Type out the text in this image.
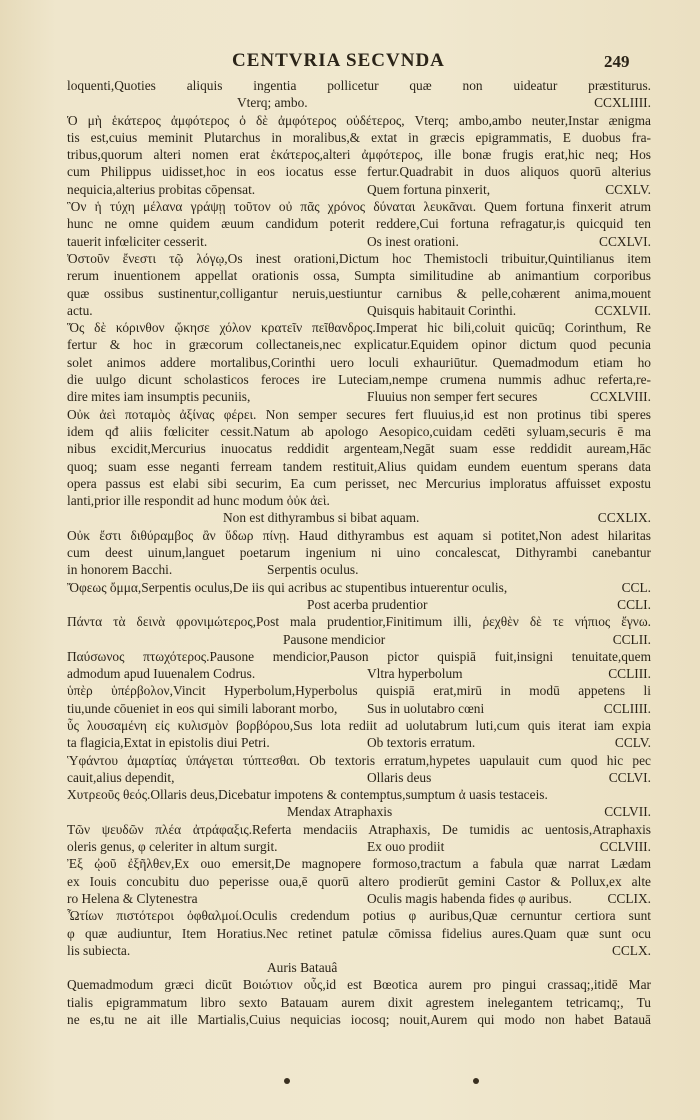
CENTVRIA SECVNDA	249
loquenti,Quoties aliquis ingentia pollicetur quæ non uideatur præstiturus.
Vterq; ambo.	CCXLIIII.
Ὁ μὴ ἑκάτερος ἀμφότερος ὁ δὲ ἀμφότερος οὐδέτερος, Vterq; ambo,ambo neuter,Instar ænigma
tis est,cuius meminit Plutarchus in moralibus,& extat in græcis epigrammatis, E duobus fra-
tribus,quorum alteri nomen erat ἑκάτερος,alteri ἀμφότερος, ille bonæ frugis erat,hic neq; Hos
cum Philippus uidisset,hoc in eos iocatus esse fertur.Quadrabit in duos aliquos quorū alterius
nequicia,alterius probitas cōpensat.	Quem fortuna pinxerit,	CCXLV.
Ὃν ἡ τύχη μέλανα γράψῃ τοῦτον οὐ πᾶς χρόνος δύναται λευκᾶναι. Quem fortuna finxerit atrum
hunc ne omne quidem æuum candidum poterit reddere,Cui fortuna refragatur,is quicquid ten
tauerit infœliciter cesserit.	Os inest orationi.	CCXLVI.
Ὀστοῦν ἔνεστι τῷ λόγῳ,Os inest orationi,Dictum hoc Themistocli tribuitur,Quintilianus item
rerum inuentionem appellat orationis ossa, Sumpta similitudine ab animantium corporibus
quæ ossibus sustinentur,colligantur neruis,uestiuntur carnibus & pelle,cohærent anima,mouent
actu.	Quisquis habitauit Corinthi.	CCXLVII.
Ὅς δὲ κόρινθον ᾤκησε χόλον κρατεῖν πεῖθανδρος.Imperat hic bili,coluit quicūq; Corinthum, Re
fertur & hoc in græcorum collectaneis,nec explicatur.Equidem opinor dictum quod pecunia
solet animos addere mortalibus,Corinthi uero loculi exhauriūtur. Quemadmodum etiam ho
die uulgo dicunt scholasticos feroces ire Luteciam,nempe crumena nummis adhuc referta,re-
dire mites iam insumptis pecuniis,	Fluuius non semper fert secures	CCXLVIII.
Οὐκ ἀεὶ ποταμὸς ἀξίνας φέρει. Non semper secures fert fluuius,id est non protinus tibi speres
idem qđ aliis fœliciter cessit.Natum ab apologo Aesopico,cuidam cedēti syluam,securis ē ma
nibus excidit,Mercurius inuocatus reddidit argenteam,Negāt suam esse reddidit auream,Hāc
quoq; suam esse neganti ferream tandem restituit,Alius quidam eundem euentum sperans data
opera passus est elabi sibi securim, Ea cum perisset, nec Mercurius imploratus affuisset expostu
lanti,prior ille respondit ad hunc modum ὁὐκ ἀεὶ.
Non est dithyrambus si bibat aquam.	CCXLIX.
Οὐκ ἔστι διθύραμβος ἂν ὕδωρ πίνῃ. Haud dithyrambus est aquam si potitet,Non adest hilaritas
cum deest uinum,languet poetarum ingenium ni uino concalescat, Dithyrambi canebantur
in honorem Bacchi.	Serpentis oculus.
Ὄφεως ὄμμα,Serpentis oculus,De iis qui acribus ac stupentibus intuerentur oculis,	CCL.
Post acerba prudentior	CCLI.
Πάντα τὰ δεινὰ φρονιμώτερος,Post mala prudentior,Finitimum illi, ῥεχθὲν δὲ τε νήπιος ἔγνω.
Pausone mendicior	CCLII.
Παύσωνος πτωχότερος.Pausone mendicior,Pauson pictor quispiā fuit,insigni tenuitate,quem
admodum apud Iuuenalem Codrus.	Vltra hyperbolum	CCLIII.
ὑπὲρ ὑπέρβολον,Vincit Hyperbolum,Hyperbolus quispiā erat,mirū in modū appetens li
tiu,unde cōueniet in eos qui simili laborant morbo, Sus in uolutabro cœni	CCLIIII.
ὗς λουσαμένη εἰς κυλισμὸν βορβόρου,Sus lota rediit ad uolutabrum luti,cum quis iterat iam expia
ta flagicia,Extat in epistolis diui Petri.	Ob textoris erratum.	CCLV.
Ὑφάντου ἁμαρτίας ὑπάγεται τύπτεσθαι. Ob textoris erratum,hypetes uapulauit cum quod hic pec
cauit,alius dependit,	Ollaris deus	CCLVI.
Χυτρεοῦς θεός.Ollaris deus,Dicebatur impotens & contemptus,sumptum ἀ uasis testaceis.
Mendax Atraphaxis	CCLVII.
Τῶν ψευδῶν πλέα ἀτράφαξις.Referta mendaciis Atraphaxis, De tumidis ac uentosis,Atraphaxis
oleris genus, φ celeriter in altum surgit.	Ex ouo prodiit	CCLVIII.
Ἐξ ᾠοῦ ἐξῆλθεν,Ex ouo emersit,De magnopere formoso,tractum a fabula quæ narrat Lædam
ex Iouis concubitu duo peperisse oua,ē quorū altero prodierūt gemini Castor & Pollux,ex alte
ro Helena & Clytenestra	Oculis magis habenda fides φ auribus.	CCLIX.
Ὦτίων πιστότεροι ὀφθαλμοί.Oculis credendum potius φ auribus,Quæ cernuntur certiora sunt
φ quæ audiuntur, Item Horatius.Nec retinet patulæ cōmissa fidelius aures.Quam quæ sunt ocu
lis subiecta.	CCLX.
Auris Batauâ
Quemadmodum græci dicūt Βοιώτιον οὖς,id est Bœotica aurem pro pingui crassaq;,itidē Mar
tialis epigrammatum libro sexto Batauam aurem dixit agrestem inelegantem tetricamq;, Tu
ne es,tu ne ait ille Martialis,Cuius nequicias iocosq; nouit,Aurem qui modo non habet Batauā
